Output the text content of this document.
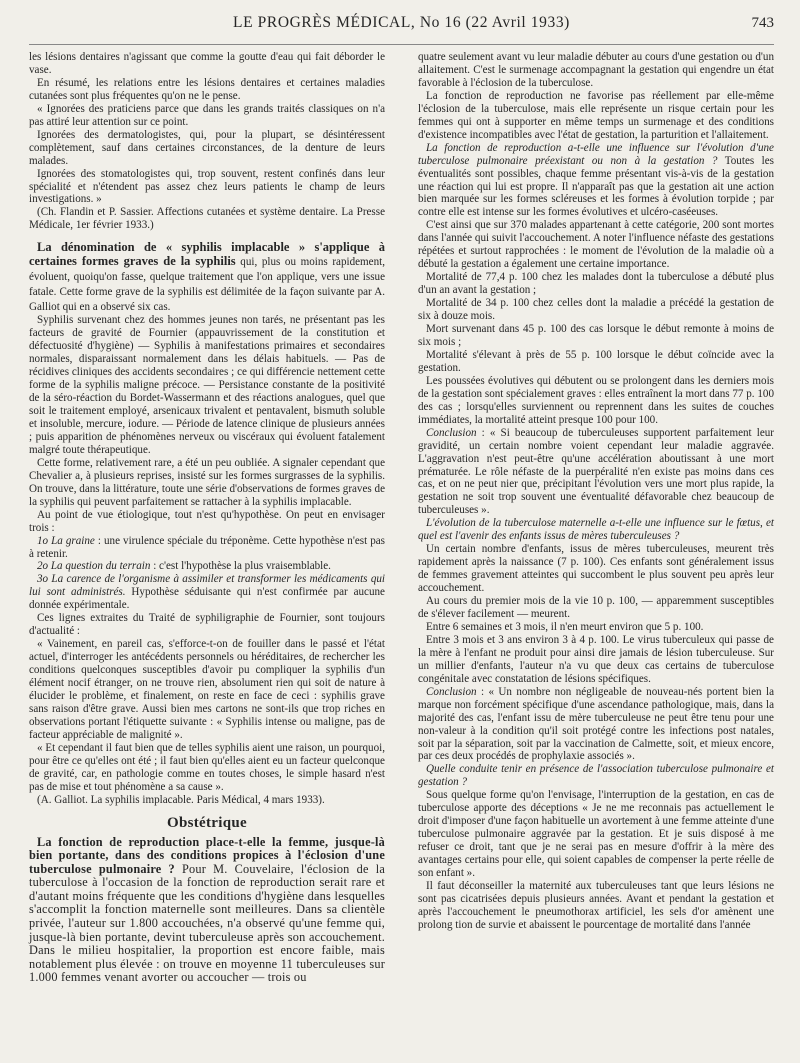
LE PROGRÈS MÉDICAL, No 16 (22 Avril 1933)	743

les lésions dentaires n'agissant que comme la goutte d'eau qui fait déborder le vase.

En résumé, les relations entre les lésions dentaires et certaines maladies cutanées sont plus fréquentes qu'on ne le pense.

« Ignorées des praticiens parce que dans les grands traités classiques on n'a pas attiré leur attention sur ce point.

Ignorées des dermatologistes, qui, pour la plupart, se désintéressent complètement, sauf dans certaines circonstances, de la denture de leurs malades.

Ignorées des stomatologistes qui, trop souvent, restent confinés dans leur spécialité et n'étendent pas assez chez leurs patients le champ de leurs investigations. »

(Ch. Flandin et P. Sassier. Affections cutanées et système dentaire. La Presse Médicale, 1er février 1933.)

La dénomination de « syphilis implacable » s'applique à certaines formes graves de la syphilis qui, plus ou moins rapidement, évoluent, quoiqu'on fasse, quelque traitement que l'on applique, vers une issue fatale. Cette forme grave de la syphilis est délimitée de la façon suivante par A. Galliot qui en a observé six cas.

Syphilis survenant chez des hommes jeunes non tarés, ne présentant pas les facteurs de gravité de Fournier (appauvrissement de la constitution et défectuosité d'hygiène) — Syphilis à manifestations primaires et secondaires normales, disparaissant normalement dans les délais habituels. — Pas de récidives cliniques des accidents secondaires ; ce qui différencie nettement cette forme de la syphilis maligne précoce. — Persistance constante de la positivité de la séro-réaction du Bordet-Wassermann et des réactions analogues, quel que soit le traitement employé, arsenicaux trivalent et pentavalent, bismuth soluble et insoluble, mercure, iodure. — Période de latence clinique de plusieurs années ; puis apparition de phénomènes nerveux ou viscéraux qui évoluent fatalement malgré toute thérapeutique.

Cette forme, relativement rare, a été un peu oubliée. A signaler cependant que Chevalier a, à plusieurs reprises, insisté sur les formes surgrasses de la syphilis. On trouve, dans la littérature, toute une série d'observations de formes graves de la syphilis qui peuvent parfaitement se rattacher à la syphilis implacable.

Au point de vue étiologique, tout n'est qu'hypothèse. On peut en envisager trois :

1o La graine : une virulence spéciale du tréponème. Cette hypothèse n'est pas à retenir.

2o La question du terrain : c'est l'hypothèse la plus vraisemblable.

3o La carence de l'organisme à assimiler et transformer les médicaments qui lui sont administrés. Hypothèse séduisante qui n'est confirmée par aucune donnée expérimentale.

Ces lignes extraites du Traité de syphiligraphie de Fournier, sont toujours d'actualité :

« Vainement, en pareil cas, s'efforce-t-on de fouiller dans le passé et l'état actuel, d'interroger les antécédents personnels ou héréditaires, de rechercher les conditions quelconques susceptibles d'avoir pu compliquer la syphilis d'un élément nocif étranger, on ne trouve rien, absolument rien qui soit de nature à élucider le problème, et finalement, on reste en face de ceci : syphilis grave sans raison d'être grave. Aussi bien mes cartons ne sont-ils que trop riches en observations portant l'étiquette suivante : « Syphilis intense ou maligne, pas de facteur appréciable de malignité ».

« Et cependant il faut bien que de telles syphilis aient une raison, un pourquoi, pour être ce qu'elles ont été ; il faut bien qu'elles aient eu un facteur quelconque de gravité, car, en pathologie comme en toutes choses, le simple hasard n'est pas de mise et tout phénomène a sa cause ».

(A. Galliot. La syphilis implacable. Paris Médical, 4 mars 1933).

Obstétrique

La fonction de reproduction place-t-elle la femme, jusque-là bien portante, dans des conditions propices à l'éclosion d'une tuberculose pulmonaire ? Pour M. Couvelaire, l'éclosion de la tuberculose à l'occasion de la fonction de reproduction serait rare et d'autant moins fréquente que les conditions d'hygiène dans lesquelles s'accomplit la fonction maternelle sont meilleures. Dans sa clientèle privée, l'auteur sur 1.800 accouchées, n'a observé qu'une femme qui, jusque-là bien portante, devint tuberculeuse après son accouchement. Dans le milieu hospitalier, la proportion est encore faible, mais notablement plus élevée : on trouve en moyenne 11 tuberculeuses sur 1.000 femmes venant avorter ou accoucher — trois ou

quatre seulement avant vu leur maladie débuter au cours d'une gestation ou d'un allaitement. C'est le surmenage accompagnant la gestation qui engendre un état favorable à l'éclosion de la tuberculose.

La fonction de reproduction ne favorise pas réellement par elle-même l'éclosion de la tuberculose, mais elle représente un risque certain pour les femmes qui ont à supporter en même temps un surmenage et des conditions d'existence incompatibles avec l'état de gestation, la parturition et l'allaitement.

La fonction de reproduction a-t-elle une influence sur l'évolution d'une tuberculose pulmonaire préexistant ou non à la gestation ? Toutes les éventualités sont possibles, chaque femme présentant vis-à-vis de la gestation une réaction qui lui est propre. Il n'apparaît pas que la gestation ait une action bien marquée sur les formes scléreuses et les formes à évolution torpide ; par contre elle est intense sur les formes évolutives et ulcéro-caséeuses.

C'est ainsi que sur 370 malades appartenant à cette catégorie, 200 sont mortes dans l'année qui suivit l'accouchement. A noter l'influence néfaste des gestations répétées et surtout rapprochées : le moment de l'évolution de la maladie où a débuté la gestation a également une certaine importance.

Mortalité de 77,4 p. 100 chez les malades dont la tuberculose a débuté plus d'un an avant la gestation ;

Mortalité de 34 p. 100 chez celles dont la maladie a précédé la gestation de six à douze mois.

Mort survenant dans 45 p. 100 des cas lorsque le début remonte à moins de six mois ;

Mortalité s'élevant à près de 55 p. 100 lorsque le début coïncide avec la gestation.

Les poussées évolutives qui débutent ou se prolongent dans les derniers mois de la gestation sont spécialement graves : elles entraînent la mort dans 77 p. 100 des cas ; lorsqu'elles surviennent ou reprennent dans les suites de couches immédiates, la mortalité atteint presque 100 pour 100.

Conclusion : « Si beaucoup de tuberculeuses supportent parfaitement leur gravidité, un certain nombre voient cependant leur maladie aggravée. L'aggravation n'est peut-être qu'une accélération aboutissant à une mort prématurée. Le rôle néfaste de la puerpéralité n'en existe pas moins dans ces cas, et on ne peut nier que, précipitant l'évolution vers une mort plus rapide, la gestation ne soit trop souvent une éventualité défavorable chez beaucoup de tuberculeuses ».

L'évolution de la tuberculose maternelle a-t-elle une influence sur le fœtus, et quel est l'avenir des enfants issus de mères tuberculeuses ?

Un certain nombre d'enfants, issus de mères tuberculeuses, meurent très rapidement après la naissance (7 p. 100). Ces enfants sont généralement issus de femmes gravement atteintes qui succombent le plus souvent peu après leur accouchement.

Au cours du premier mois de la vie 10 p. 100, — apparemment susceptibles de s'élever facilement — meurent.

Entre 6 semaines et 3 mois, il n'en meurt environ que 5 p. 100.

Entre 3 mois et 3 ans environ 3 à 4 p. 100. Le virus tuberculeux qui passe de la mère à l'enfant ne produit pour ainsi dire jamais de lésion tuberculeuse. Sur un millier d'enfants, l'auteur n'a vu que deux cas certains de tuberculose congénitale avec constatation de lésions spécifiques.

Conclusion : « Un nombre non négligeable de nouveau-nés portent bien la marque non forcément spécifique d'une ascendance pathologique, mais, dans la majorité des cas, l'enfant issu de mère tuberculeuse ne peut être tenu pour une non-valeur à la condition qu'il soit protégé contre les infections post natales, soit par la séparation, soit par la vaccination de Calmette, soit, et mieux encore, par ces deux procédés de prophylaxie associés ».

Quelle conduite tenir en présence de l'association tuberculose pulmonaire et gestation ?

Sous quelque forme qu'on l'envisage, l'interruption de la gestation, en cas de tuberculose apporte des déceptions « Je ne me reconnais pas actuellement le droit d'imposer d'une façon habituelle un avortement à une femme atteinte d'une tuberculose pulmonaire aggravée par la gestation. Et je suis disposé à me refuser ce droit, tant que je ne serai pas en mesure d'offrir à la mère des avantages certains pour elle, qui soient capables de compenser la perte réelle de son enfant ».

Il faut déconseiller la maternité aux tuberculeuses tant que leurs lésions ne sont pas cicatrisées depuis plusieurs années. Avant et pendant la gestation et après l'accouchement le pneumothorax artificiel, les sels d'or amènent une prolong tion de survie et abaissent le pourcentage de mortalité dans l'année
